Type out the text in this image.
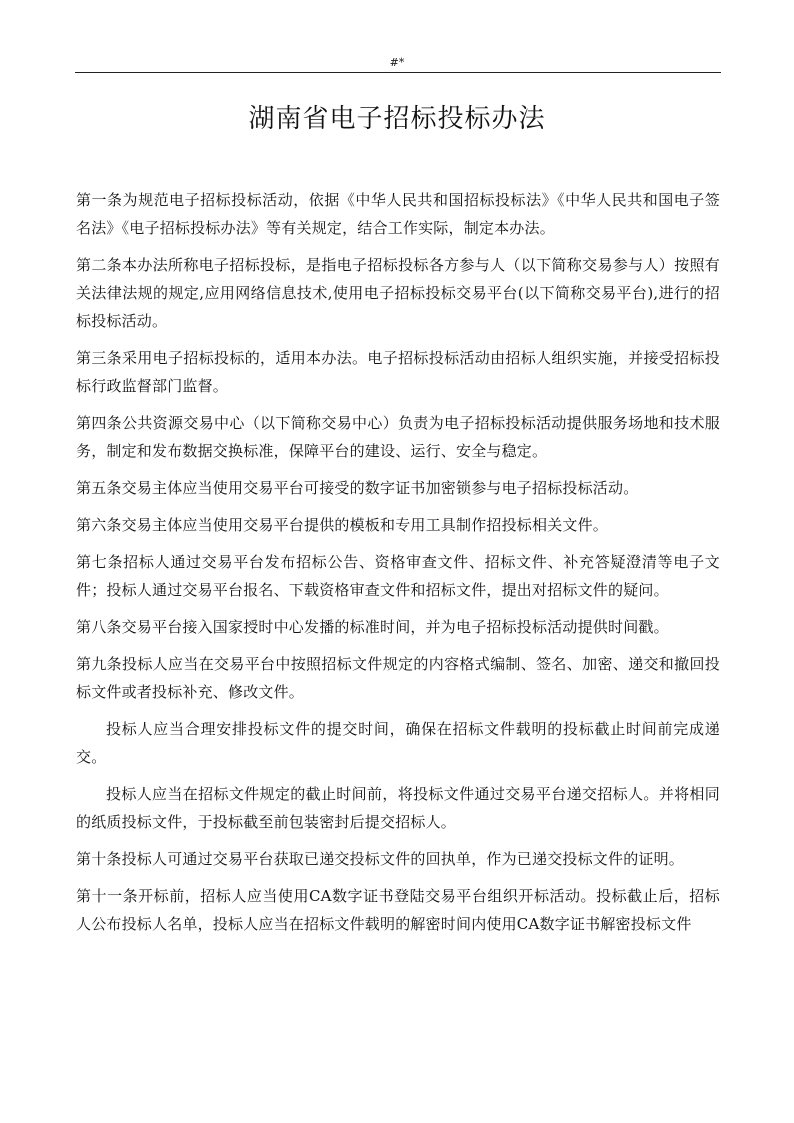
#*
湖南省电子招标投标办法

第一条为规范电子招标投标活动，依据《中华人民共和国招标投标法》《中华人民共和国电子签名法》《电子招标投标办法》等有关规定，结合工作实际，制定本办法。

第二条本办法所称电子招标投标，是指电子招标投标各方参与人（以下简称交易参与人）按照有关法律法规的规定,应用网络信息技术,使用电子招标投标交易平台(以下简称交易平台),进行的招标投标活动。

第三条采用电子招标投标的，适用本办法。电子招标投标活动由招标人组织实施，并接受招标投标行政监督部门监督。

第四条公共资源交易中心（以下简称交易中心）负责为电子招标投标活动提供服务场地和技术服务，制定和发布数据交换标准，保障平台的建设、运行、安全与稳定。

第五条交易主体应当使用交易平台可接受的数字证书加密锁参与电子招标投标活动。

第六条交易主体应当使用交易平台提供的模板和专用工具制作招投标相关文件。

第七条招标人通过交易平台发布招标公告、资格审查文件、招标文件、补充答疑澄清等电子文件；投标人通过交易平台报名、下载资格审查文件和招标文件，提出对招标文件的疑问。

第八条交易平台接入国家授时中心发播的标准时间，并为电子招标投标活动提供时间戳。

第九条投标人应当在交易平台中按照招标文件规定的内容格式编制、签名、加密、递交和撤回投标文件或者投标补充、修改文件。

投标人应当合理安排投标文件的提交时间，确保在招标文件载明的投标截止时间前完成递交。

投标人应当在招标文件规定的截止时间前，将投标文件通过交易平台递交招标人。并将相同的纸质投标文件，于投标截至前包装密封后提交招标人。

第十条投标人可通过交易平台获取已递交投标文件的回执单，作为已递交投标文件的证明。

第十一条开标前，招标人应当使用CA数字证书登陆交易平台组织开标活动。投标截止后，招标人公布投标人名单，投标人应当在招标文件载明的解密时间内使用CA数字证书解密投标文件
